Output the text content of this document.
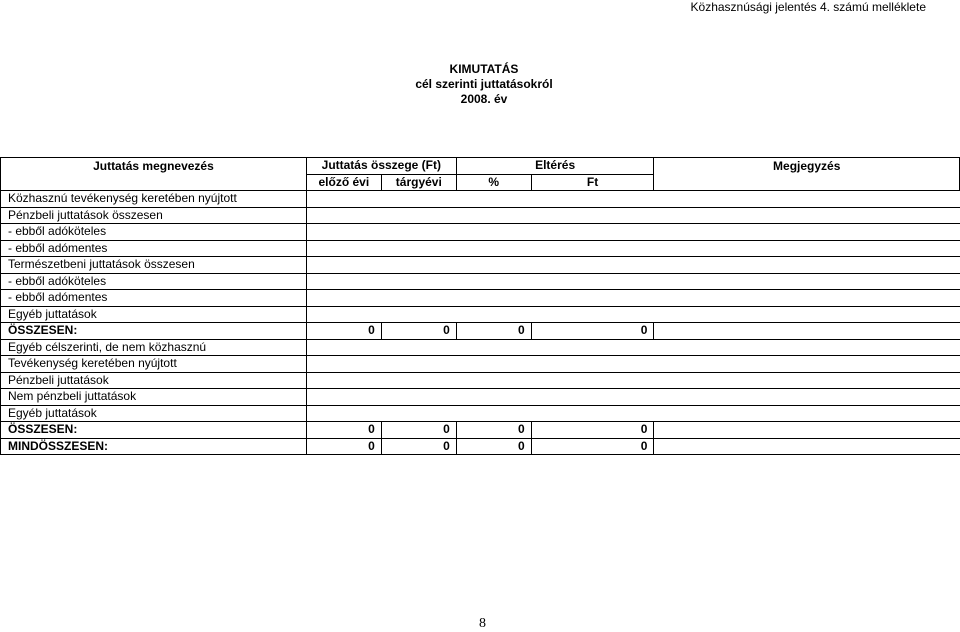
Közhasznúsági jelentés 4. számú melléklete
KIMUTATÁS
cél szerinti juttatásokról
2008. év
Juttatás megnevezés	Juttatás összege (Ft)		Eltérés		Megjegyzés
	előző évi	tárgyévi	%	Ft	
Közhasznú tevékenység keretében nyújtott					
Pénzbeli juttatások összesen					
- ebből adóköteles					
- ebből adómentes					
Természetbeni juttatások összesen					
- ebből adóköteles					
- ebből adómentes					
Egyéb juttatások					
ÖSSZESEN:	0	0	0	0	
Egyéb célszerinti, de nem közhasznú					
Tevékenység keretében nyújtott					
Pénzbeli juttatások					
Nem pénzbeli juttatások					
Egyéb juttatások					
ÖSSZESEN:	0	0	0	0	
MINDÖSSZESEN:	0	0	0	0	
8
